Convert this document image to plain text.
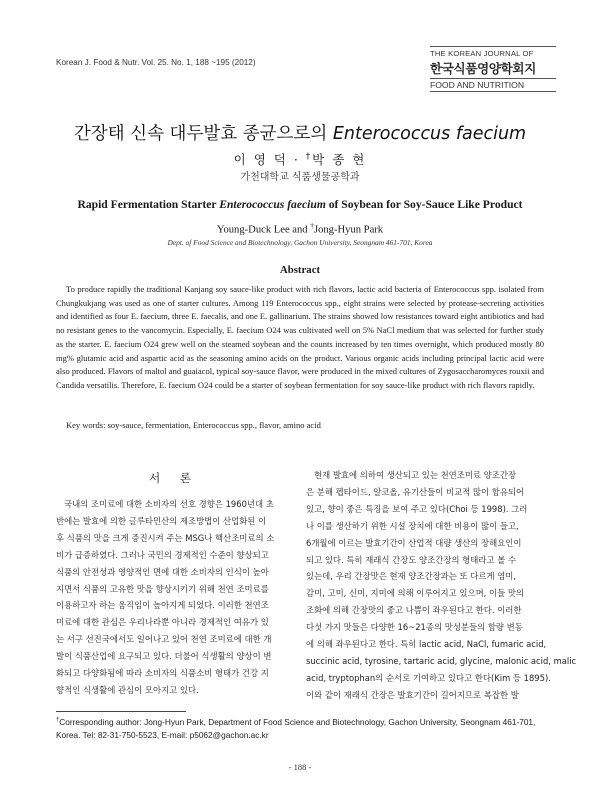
Korean J. Food & Nutr. Vol. 25. No. 1, 188 ~195 (2012)
THE KOREAN JOURNAL OF
한국식품영양학회지
FOOD AND NUTRITION
간장태 신속 대두발효 종균으로의 Enterococcus faecium
이 영 덕 · †박 종 현
가천대학교 식품생물공학과
Rapid Fermentation Starter Enterococcus faecium of Soybean for Soy-Sauce Like Product
Young-Duck Lee and †Jong-Hyun Park
Dept. of Food Science and Biotechnology, Gachon University, Seongnam 461-701, Korea
Abstract

To produce rapidly the traditional Kanjang soy sauce-like product with rich flavors, lactic acid bacteria of Enterococcus spp. isolated from Chungkukjang was used as one of starter cultures. Among 119 Enterococcus spp., eight strains were selected by protease-secreting activities and identified as four E. faecium, three E. faecalis, and one E. gallinarium. The strains showed low resistances toward eight antibiotics and had no resistant genes to the vancomycin. Especially, E. faecium O24 was cultivated well on 5% NaCl medium that was selected for further study as the starter. E. faecium O24 grew well on the steamed soybean and the counts increased by ten times overnight, which produced mostly 80 mg% glutamic acid and aspartic acid as the seasoning amino acids on the product. Various organic acids including principal lactic acid were also produced. Flavors of maltol and guaiacol, typical soy-sauce flavor, were produced in the mixed cultures of Zygosaccharomyces rouxii and Candida versatilis. Therefore, E. faecium O24 could be a starter of soybean fermentation for soy sauce-like product with rich flavors rapidly.

Key words: soy-sauce, fermentation, Enterococcus spp., flavor, amino acid
서 론
국내의 조미료에 대한 소비자의 선호 경향은 1960년대 초
반에는 발효에 의한 글루타민산의 제조방법이 산업화된 이
후 식품의 맛을 크게 증진시켜 주는 MSG나 핵산조미료의 소
비가 급증하였다. 그러나 국민의 경제적인 수준이 향상되고
식품의 안전성과 영양적인 면에 대한 소비자의 인식이 높아
지면서 식품의 고유한 맛을 향상시키기 위해 천연 조미료를
이용하고자 하는 움직임이 높아지게 되었다. 이러한 천연조
미료에 대한 관심은 우리나라뿐 아니라 경제적인 여유가 있
는 서구 선진국에서도 일어나고 있어 천연 조미료에 대한 개
발이 식품산업에 요구되고 있다. 더불어 식생활의 양상이 변
화되고 다양화됨에 따라 소비자의 식품소비 형태가 건강 지
향적인 식생활에 관심이 모아지고 있다.
현재 발효에 의하여 생산되고 있는 천연조미료 양조간장
은 분해 펩타이드, 알코올, 유기산들이 비교적 많이 함유되어
있고, 향이 좋은 특징을 보여 주고 있다(Choi 등 1998). 그러
나 이를 생산하기 위한 시설 장치에 대한 비용이 많이 들고,
6개월에 이르는 발효기간이 산업적 대량 생산의 장해요인이
되고 있다. 특히 재래식 간장도 양조간장의 형태라고 볼 수
있는데, 우리 간장맛은 현재 양조간장과는 또 다르게 염미,
감미, 고미, 신미, 지미에 의해 이루어지고 있으며, 이들 맛의
조화에 의해 간장맛의 좋고 나쁨이 좌우된다고 한다. 이러한
다섯 가지 맛들은 다양한 16~21종의 맛성분들의 함량 변동
에 의해 좌우된다고 한다. 특히 lactic acid, NaCl, fumaric acid,
succinic acid, tyrosine, tartaric acid, glycine, malonic acid, malic
acid, tryptophan의 순서로 기여하고 있다고 한다(Kim 등 1895).
이와 같이 재래식 간장은 발효기간이 길어지므로 복잡한 발
†Corresponding author: Jong-Hyun Park, Department of Food Science and Biotechnology, Gachon University, Seongnam 461-701, Korea. Tel: 82-31-750-5523, E-mail: p5062@gachon.ac.kr
- 188 -
